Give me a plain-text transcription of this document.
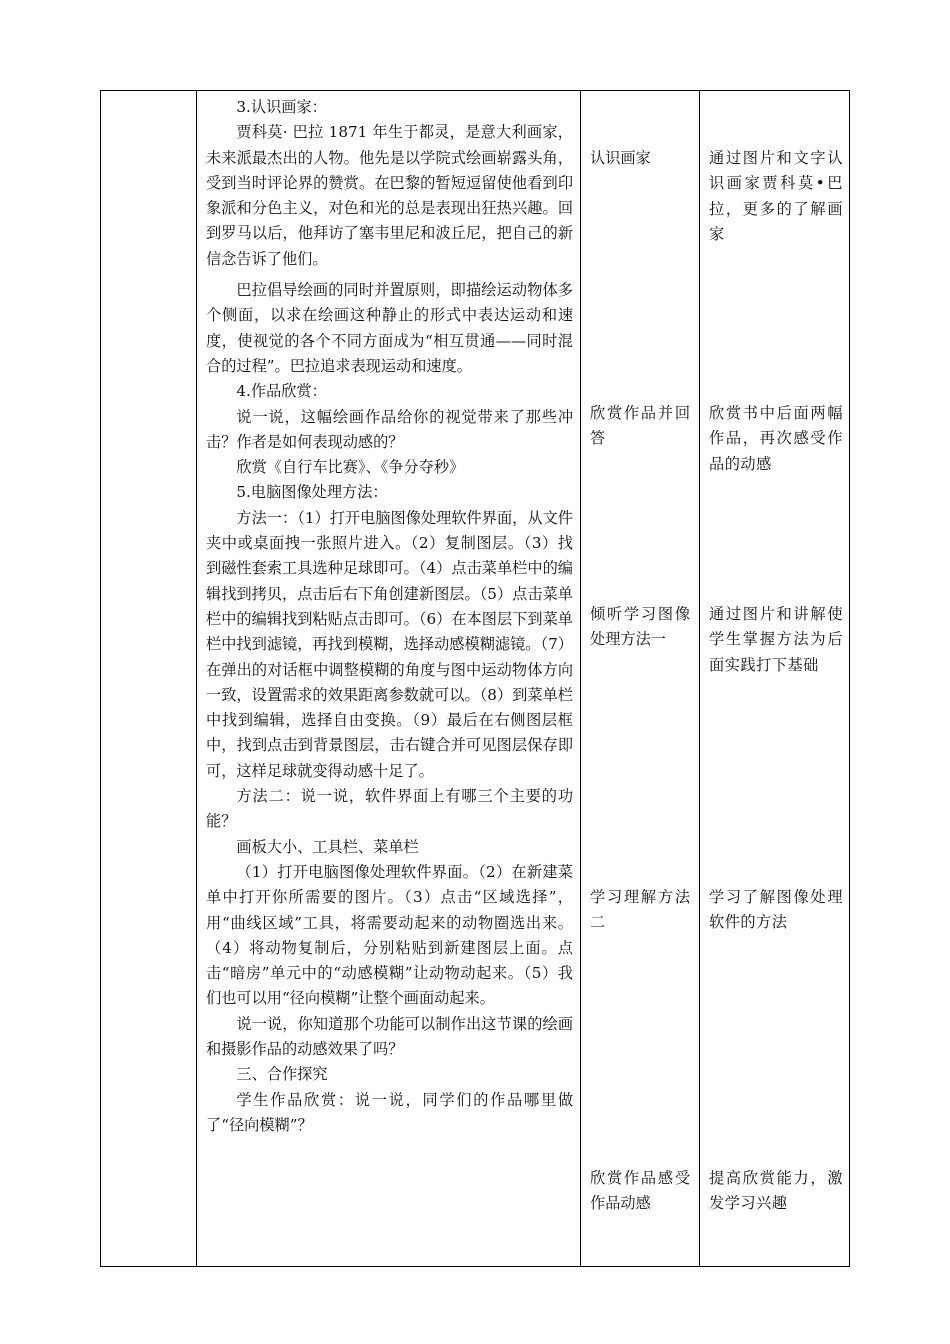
3.认识画家：

贾科莫· 巴拉 1871 年生于都灵，是意大利画家，未来派最杰出的人物。他先是以学院式绘画崭露头角，受到当时评论界的赞赏。在巴黎的暂短逗留使他看到印象派和分色主义，对色和光的总是表现出狂热兴趣。回到罗马以后，他拜访了塞韦里尼和波丘尼，把自己的新信念告诉了他们。

巴拉倡导绘画的同时并置原则，即描绘运动物体多个侧面，以求在绘画这种静止的形式中表达运动和速度，使视觉的各个不同方面成为“相互贯通——同时混合的过程”。巴拉追求表现运动和速度。

4.作品欣赏：

说一说，这幅绘画作品给你的视觉带来了那些冲击？作者是如何表现动感的？

欣赏《自行车比赛》、《争分夺秒》

5.电脑图像处理方法：

方法一：（1）打开电脑图像处理软件界面，从文件夹中或桌面拽一张照片进入。（2）复制图层。（3）找到磁性套索工具选种足球即可。（4）点击菜单栏中的编辑找到拷贝，点击后右下角创建新图层。（5）点击菜单栏中的编辑找到粘贴点击即可。（6）在本图层下到菜单栏中找到滤镜，再找到模糊，选择动感模糊滤镜。（7）在弹出的对话框中调整模糊的角度与图中运动物体方向一致，设置需求的效果距离参数就可以。（8）到菜单栏中找到编辑，选择自由变换。（9）最后在右侧图层框中，找到点击到背景图层，击右键合并可见图层保存即可，这样足球就变得动感十足了。

方法二：说一说，软件界面上有哪三个主要的功能？

画板大小、工具栏、菜单栏

（1）打开电脑图像处理软件界面。（2）在新建菜单中打开你所需要的图片。（3）点击“区域选择”，用“曲线区域”工具，将需要动起来的动物圈选出来。（4）将动物复制后，分别粘贴到新建图层上面。点击“暗房”单元中的“动感模糊”让动物动起来。（5）我们也可以用“径向模糊”让整个画面动起来。

说一说，你知道那个功能可以制作出这节课的绘画和摄影作品的动感效果了吗？

三、合作探究

学生作品欣赏：说一说，同学们的作品哪里做了“径向模糊”？

认识画家
欣赏作品并回答
倾听学习图像处理方法一
学习理解方法二
欣赏作品感受作品动感
通过图片和文字认识画家贾科莫•巴拉，更多的了解画家
欣赏书中后面两幅作品，再次感受作品的动感
通过图片和讲解使学生掌握方法为后面实践打下基础
学习了解图像处理软件的方法
提高欣赏能力，激发学习兴趣
